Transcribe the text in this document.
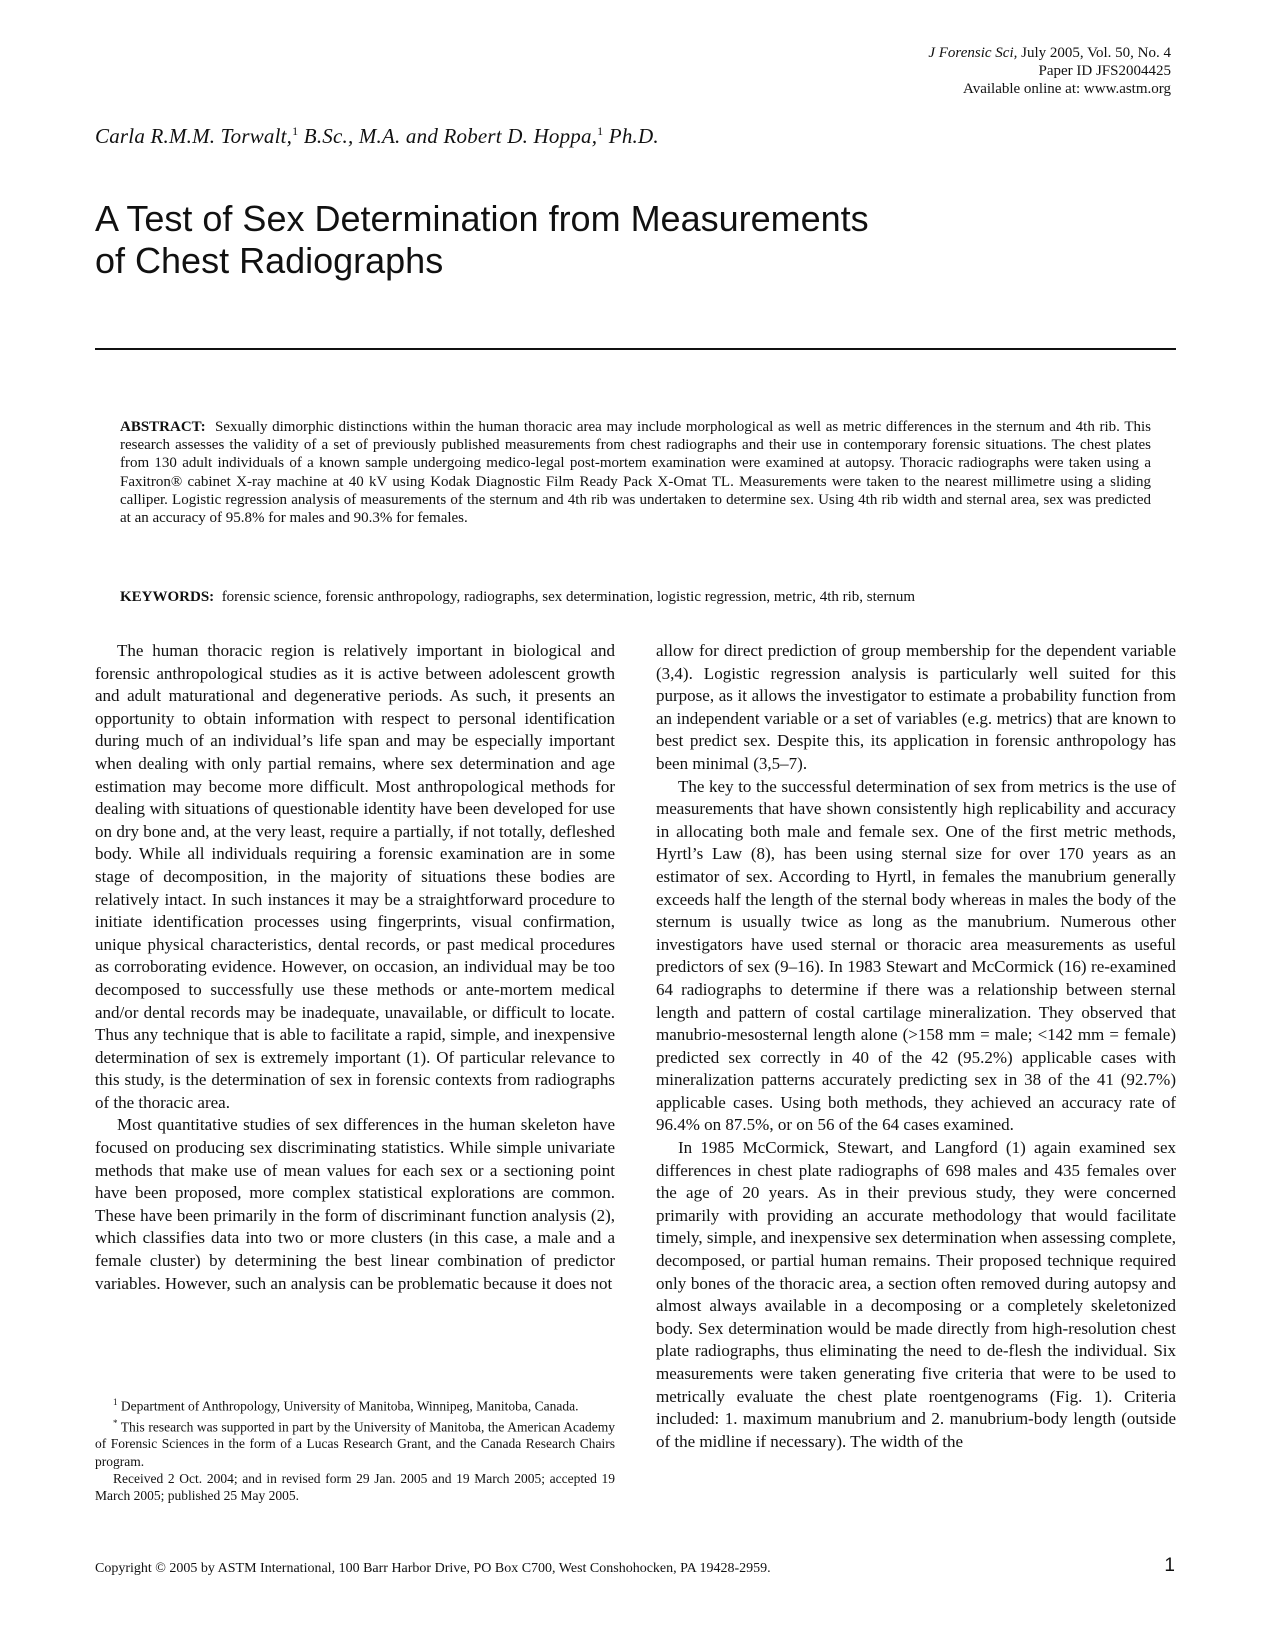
J Forensic Sci, July 2005, Vol. 50, No. 4
Paper ID JFS2004425
Available online at: www.astm.org
Carla R.M.M. Torwalt,$^1$ B.Sc., M.A. and Robert D. Hoppa,$^1$ Ph.D.
A Test of Sex Determination from Measurements
of Chest Radiographs
ABSTRACT: Sexually dimorphic distinctions within the human thoracic area may include morphological as well as metric differences in the sternum and 4th rib. This research assesses the validity of a set of previously published measurements from chest radiographs and their use in contemporary forensic situations. The chest plates from 130 adult individuals of a known sample undergoing medico-legal post-mortem examination were examined at autopsy. Thoracic radiographs were taken using a Faxitron® cabinet X-ray machine at 40 kV using Kodak Diagnostic Film Ready Pack X-Omat TL. Measurements were taken to the nearest millimetre using a sliding calliper. Logistic regression analysis of measurements of the sternum and 4th rib was undertaken to determine sex. Using 4th rib width and sternal area, sex was predicted at an accuracy of 95.8% for males and 90.3% for females.
KEYWORDS: forensic science, forensic anthropology, radiographs, sex determination, logistic regression, metric, 4th rib, sternum

The human thoracic region is relatively important in biological and forensic anthropological studies as it is active between adolescent growth and adult maturational and degenerative periods. As such, it presents an opportunity to obtain information with respect to personal identification during much of an individual’s life span and may be especially important when dealing with only partial remains, where sex determination and age estimation may become more difficult. Most anthropological methods for dealing with situations of questionable identity have been developed for use on dry bone and, at the very least, require a partially, if not totally, defleshed body. While all individuals requiring a forensic examination are in some stage of decomposition, in the majority of situations these bodies are relatively intact. In such instances it may be a straightforward procedure to initiate identification processes using fingerprints, visual confirmation, unique physical characteristics, dental records, or past medical procedures as corroborating evidence. However, on occasion, an individual may be too decomposed to successfully use these methods or ante-mortem medical and/or dental records may be inadequate, unavailable, or difficult to locate. Thus any technique that is able to facilitate a rapid, simple, and inexpensive determination of sex is extremely important (1). Of particular relevance to this study, is the determination of sex in forensic contexts from radiographs of the thoracic area.

Most quantitative studies of sex differences in the human skeleton have focused on producing sex discriminating statistics. While simple univariate methods that make use of mean values for each sex or a sectioning point have been proposed, more complex statistical explorations are common. These have been primarily in the form of discriminant function analysis (2), which classifies data into two or more clusters (in this case, a male and a female cluster) by determining the best linear combination of predictor variables. However, such an analysis can be problematic because it does not

$^1$ Department of Anthropology, University of Manitoba, Winnipeg, Manitoba, Canada.

* This research was supported in part by the University of Manitoba, the American Academy of Forensic Sciences in the form of a Lucas Research Grant, and the Canada Research Chairs program.

Received 2 Oct. 2004; and in revised form 29 Jan. 2005 and 19 March 2005; accepted 19 March 2005; published 25 May 2005.

allow for direct prediction of group membership for the dependent variable (3,4). Logistic regression analysis is particularly well suited for this purpose, as it allows the investigator to estimate a probability function from an independent variable or a set of variables (e.g. metrics) that are known to best predict sex. Despite this, its application in forensic anthropology has been minimal (3,5–7).

The key to the successful determination of sex from metrics is the use of measurements that have shown consistently high replicability and accuracy in allocating both male and female sex. One of the first metric methods, Hyrtl’s Law (8), has been using sternal size for over 170 years as an estimator of sex. According to Hyrtl, in females the manubrium generally exceeds half the length of the sternal body whereas in males the body of the sternum is usually twice as long as the manubrium. Numerous other investigators have used sternal or thoracic area measurements as useful predictors of sex (9–16). In 1983 Stewart and McCormick (16) re-examined 64 radiographs to determine if there was a relationship between sternal length and pattern of costal cartilage mineralization. They observed that manubrio-mesosternal length alone (>158 mm = male; <142 mm = female) predicted sex correctly in 40 of the 42 (95.2%) applicable cases with mineralization patterns accurately predicting sex in 38 of the 41 (92.7%) applicable cases. Using both methods, they achieved an accuracy rate of 96.4% on 87.5%, or on 56 of the 64 cases examined.

In 1985 McCormick, Stewart, and Langford (1) again examined sex differences in chest plate radiographs of 698 males and 435 females over the age of 20 years. As in their previous study, they were concerned primarily with providing an accurate methodology that would facilitate timely, simple, and inexpensive sex determination when assessing complete, decomposed, or partial human remains. Their proposed technique required only bones of the thoracic area, a section often removed during autopsy and almost always available in a decomposing or a completely skeletonized body. Sex determination would be made directly from high-resolution chest plate radiographs, thus eliminating the need to de-flesh the individual. Six measurements were taken generating five criteria that were to be used to metrically evaluate the chest plate roentgenograms (Fig. 1). Criteria included: 1. maximum manubrium and 2. manubrium-body length (outside of the midline if necessary). The width of the

Copyright © 2005 by ASTM International, 100 Barr Harbor Drive, PO Box C700, West Conshohocken, PA 19428-2959.	1
